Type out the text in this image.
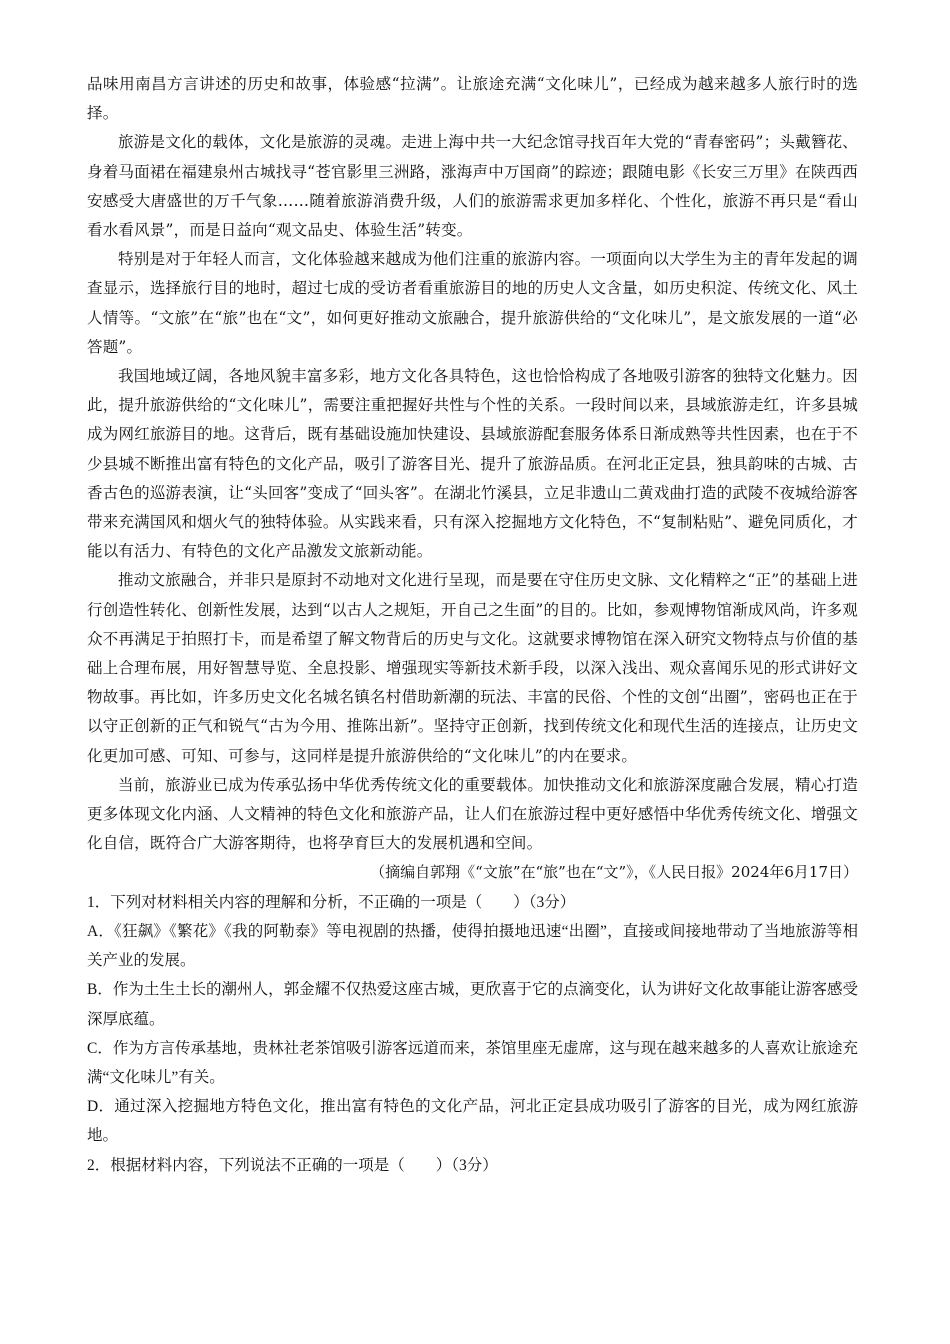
品味用南昌方言讲述的历史和故事，体验感“拉满”。让旅途充满“文化味儿”，已经成为越来越多人旅行时的选择。

旅游是文化的载体，文化是旅游的灵魂。走进上海中共一大纪念馆寻找百年大党的“青春密码”；头戴簪花、身着马面裙在福建泉州古城找寻“苍官影里三洲路，涨海声中万国商”的踪迹；跟随电影《长安三万里》在陕西西安感受大唐盛世的万千气象……随着旅游消费升级，人们的旅游需求更加多样化、个性化，旅游不再只是“看山看水看风景”，而是日益向“观文品史、体验生活”转变。

特别是对于年轻人而言，文化体验越来越成为他们注重的旅游内容。一项面向以大学生为主的青年发起的调查显示，选择旅行目的地时，超过七成的受访者看重旅游目的地的历史人文含量，如历史积淀、传统文化、风土人情等。“文旅”在“旅”也在“文”，如何更好推动文旅融合，提升旅游供给的“文化味儿”，是文旅发展的一道“必答题”。

我国地域辽阔，各地风貌丰富多彩，地方文化各具特色，这也恰恰构成了各地吸引游客的独特文化魅力。因此，提升旅游供给的“文化味儿”，需要注重把握好共性与个性的关系。一段时间以来，县域旅游走红，许多县城成为网红旅游目的地。这背后，既有基础设施加快建设、县域旅游配套服务体系日渐成熟等共性因素，也在于不少县城不断推出富有特色的文化产品，吸引了游客目光、提升了旅游品质。在河北正定县，独具韵味的古城、古香古色的巡游表演，让“头回客”变成了“回头客”。在湖北竹溪县，立足非遗山二黄戏曲打造的武陵不夜城给游客带来充满国风和烟火气的独特体验。从实践来看，只有深入挖掘地方文化特色，不“复制粘贴”、避免同质化，才能以有活力、有特色的文化产品激发文旅新动能。

推动文旅融合，并非只是原封不动地对文化进行呈现，而是要在守住历史文脉、文化精粹之“正”的基础上进行创造性转化、创新性发展，达到“以古人之规矩，开自己之生面”的目的。比如，参观博物馆渐成风尚，许多观众不再满足于拍照打卡，而是希望了解文物背后的历史与文化。这就要求博物馆在深入研究文物特点与价值的基础上合理布展，用好智慧导览、全息投影、增强现实等新技术新手段，以深入浅出、观众喜闻乐见的形式讲好文物故事。再比如，许多历史文化名城名镇名村借助新潮的玩法、丰富的民俗、个性的文创“出圈”，密码也正在于以守正创新的正气和锐气“古为今用、推陈出新”。坚持守正创新，找到传统文化和现代生活的连接点，让历史文化更加可感、可知、可参与，这同样是提升旅游供给的“文化味儿”的内在要求。

当前，旅游业已成为传承弘扬中华优秀传统文化的重要载体。加快推动文化和旅游深度融合发展，精心打造更多体现文化内涵、人文精神的特色文化和旅游产品，让人们在旅游过程中更好感悟中华优秀传统文化、增强文化自信，既符合广大游客期待，也将孕育巨大的发展机遇和空间。

（摘编自郭翔《“文旅”在“旅”也在“文”》，《人民日报》2024年6月17日）

1．下列对材料相关内容的理解和分析，不正确的一项是（　　）（3分）

A．《狂飙》《繁花》《我的阿勒泰》等电视剧的热播，使得拍摄地迅速“出圈”，直接或间接地带动了当地旅游等相关产业的发展。

B．作为土生土长的潮州人，郭金耀不仅热爱这座古城，更欣喜于它的点滴变化，认为讲好文化故事能让游客感受深厚底蕴。

C．作为方言传承基地，贵林社老茶馆吸引游客远道而来，茶馆里座无虚席，这与现在越来越多的人喜欢让旅途充满“文化味儿”有关。

D．通过深入挖掘地方特色文化，推出富有特色的文化产品，河北正定县成功吸引了游客的目光，成为网红旅游地。

2．根据材料内容，下列说法不正确的一项是（　　）（3分）
